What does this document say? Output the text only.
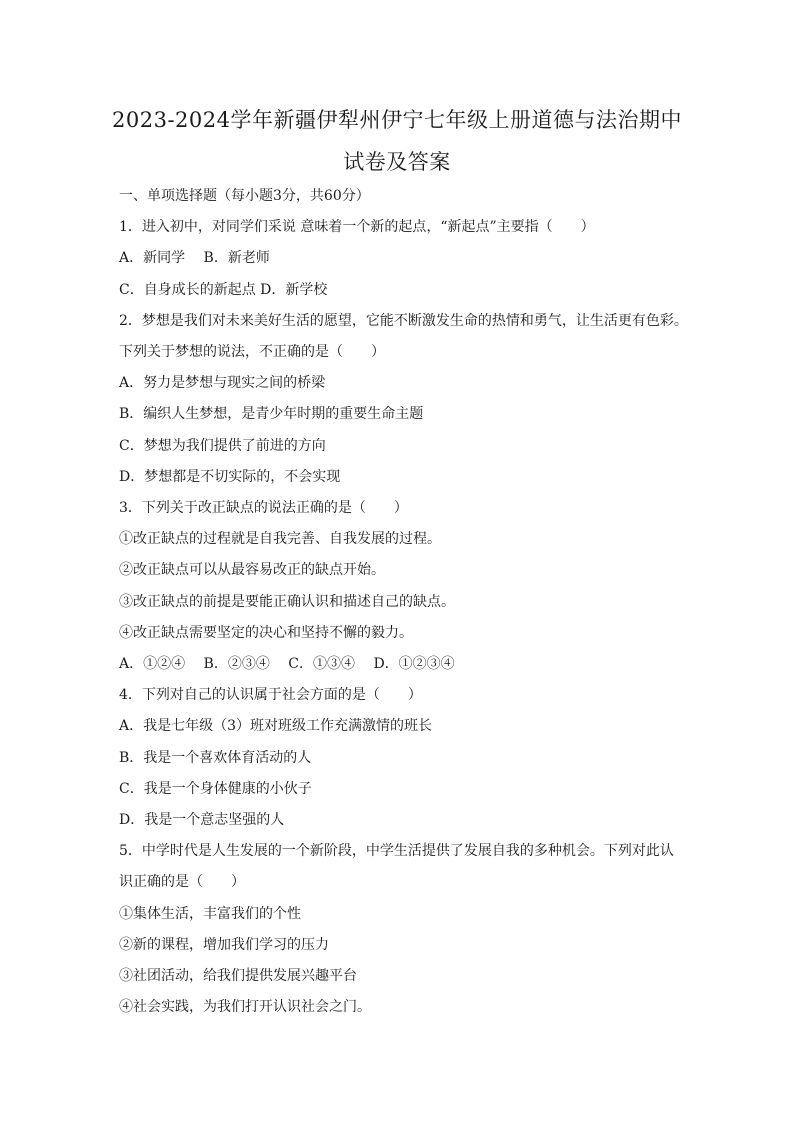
2023-2024学年新疆伊犁州伊宁七年级上册道德与法治期中
试卷及答案
一、单项选择题（每小题3分，共60分）
1．进入初中，对同学们采说 意味着一个新的起点，“新起点”主要指（　　）
A．新同学　 B．新老师
C．自身成长的新起点 D．新学校
2．梦想是我们对未来美好生活的愿望，它能不断激发生命的热情和勇气，让生活更有色彩。
下列关于梦想的说法，不正确的是（　　）
A．努力是梦想与现实之间的桥梁
B．编织人生梦想，是青少年时期的重要生命主题
C．梦想为我们提供了前进的方向
D．梦想都是不切实际的，不会实现
3．下列关于改正缺点的说法正确的是（　　）
①改正缺点的过程就是自我完善、自我发展的过程。
②改正缺点可以从最容易改正的缺点开始。
③改正缺点的前提是要能正确认识和描述自己的缺点。
④改正缺点需要坚定的决心和坚持不懈的毅力。
A．①②④　 B．②③④　 C．①③④　 D．①②③④
4．下列对自己的认识属于社会方面的是（　　）
A．我是七年级（3）班对班级工作充满激情的班长
B．我是一个喜欢体育活动的人
C．我是一个身体健康的小伙子
D．我是一个意志坚强的人
5．中学时代是人生发展的一个新阶段，中学生活提供了发展自我的多种机会。下列对此认
识正确的是（　　）
①集体生活，丰富我们的个性
②新的课程，增加我们学习的压力
③社团活动，给我们提供发展兴趣平台
④社会实践，为我们打开认识社会之门。
